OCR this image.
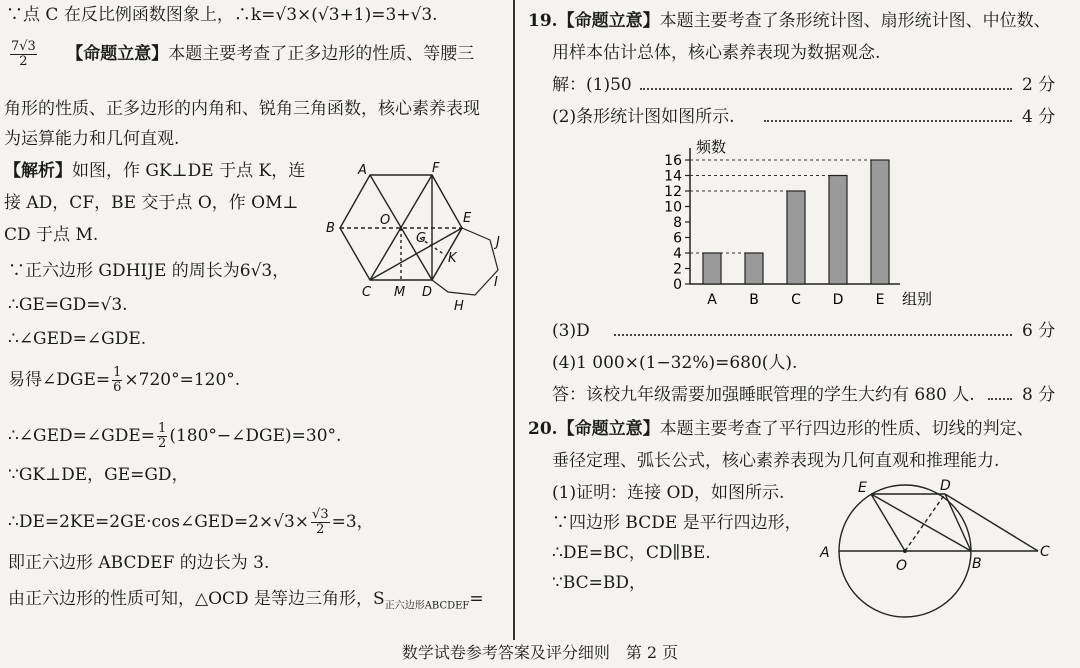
∵点 C 在反比例函数图象上，∴k=√3×(√3+1)=3+√3.
$\frac{7√3}{2}$ 【命题立意】本题主要考查了正多边形的性质、等腰三
角形的性质、正多边形的内角和、锐角三角函数，核心素养表现
为运算能力和几何直观.
【解析】如图，作 GK⊥DE 于点 K，连
接 AD，CF，BE 交于点 O，作 OM⊥
CD 于点 M.
∵正六边形 GDHIJE 的周长为6√3，
∴GE=GD=√3.
∴∠GED=∠GDE.
易得∠DGE= $\frac{1}{6} \times 720^\circ=120^\circ$.
∴∠GED=∠GDE= $\frac{1}{2}$ (180°−∠DGE)=30°.
∵GK⊥DE，GE=GD，
∴DE=2KE=2GE·cos∠GED=2×√3× $\frac{√3}{2} =3$，
即正六边形 ABCDEF 的边长为 3.
由正六边形的性质可知，△OCD 是等边三角形，$S_{正六边形ABCDEF}=$
A	F
B
E
O
G	J
K
I
C M D
H
19.【命题立意】本题主要考查了条形统计图、扇形统计图、中位数、
用样本估计总体，核心素养表现为数据观念.
解：(1)50	2 分
(2)条形统计图如图所示.	4 分
频数
组别
0
2
4
6
8
10
12
14
16
A B C D E
(3)D	6 分
(4)1 000×(1−32%)=680(人).
答：该校九年级需要加强睡眠管理的学生大约有 680 人.	8 分
20.【命题立意】本题主要考查了平行四边形的性质、切线的判定、
垂径定理、弧长公式，核心素养表现为几何直观和推理能力.
(1)证明：连接 OD，如图所示.
∵四边形 BCDE 是平行四边形，
∴DE=BC，CD∥BE.
∵BC=BD，
E	D
A
O	B
C
数学试卷参考答案及评分细则　第 2 页
